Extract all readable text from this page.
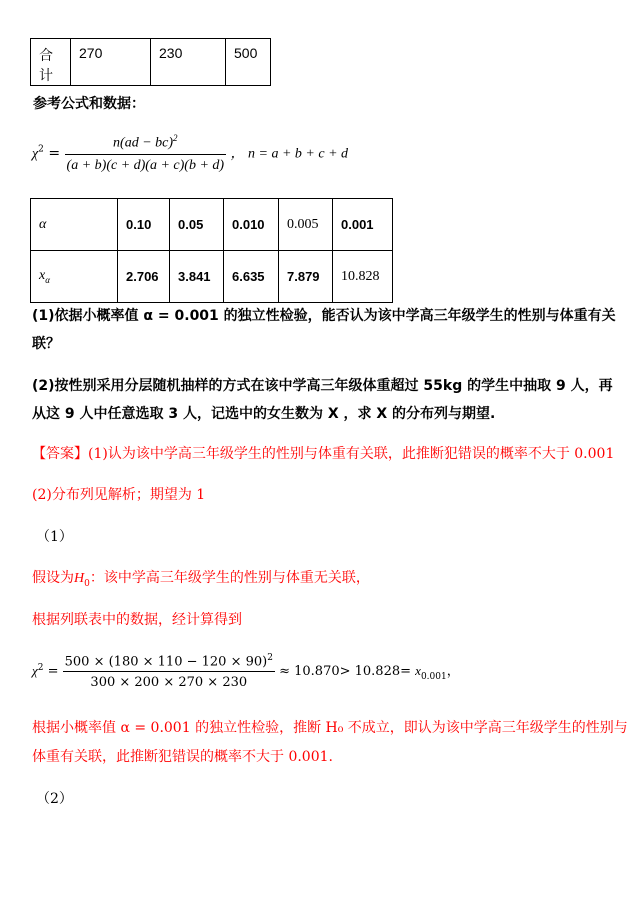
合计	270	230	500
参考公式和数据：
$\chi^2 = \frac{n(ad - bc)^2}{(a + b)(c + d)(a + c)(b + d)}$ ， n = a + b + c + d
α	0.10	0.05	0.010	0.005	0.001
$x_\alpha$	2.706	3.841	6.635	7.879	10.828
(1)依据小概率值 α = 0.001 的独立性检验，能否认为该中学高三年级学生的性别与体重有关
联？
(2)按性别采用分层随机抽样的方式在该中学高三年级体重超过 55kg 的学生中抽取 9 人，再
从这 9 人中任意选取 3 人，记选中的女生数为 X ，求 X 的分布列与期望.
【答案】(1)认为该中学高三年级学生的性别与体重有关联，此推断犯错误的概率不大于 0.001
(2)分布列见解析；期望为 1
（1）
假设为$H_0$：该中学高三年级学生的性别与体重无关联，
根据列联表中的数据，经计算得到
$\chi^2 = \frac{500 \times (180 \times 110 - 120 \times 90)^2}{300 \times 200 \times 270 \times 230} \approx 10.870> 10.828= x_{0.001}$，
根据小概率值 α = 0.001 的独立性检验，推断 H₀ 不成立，即认为该中学高三年级学生的性别与
体重有关联，此推断犯错误的概率不大于 0.001.
（2）
